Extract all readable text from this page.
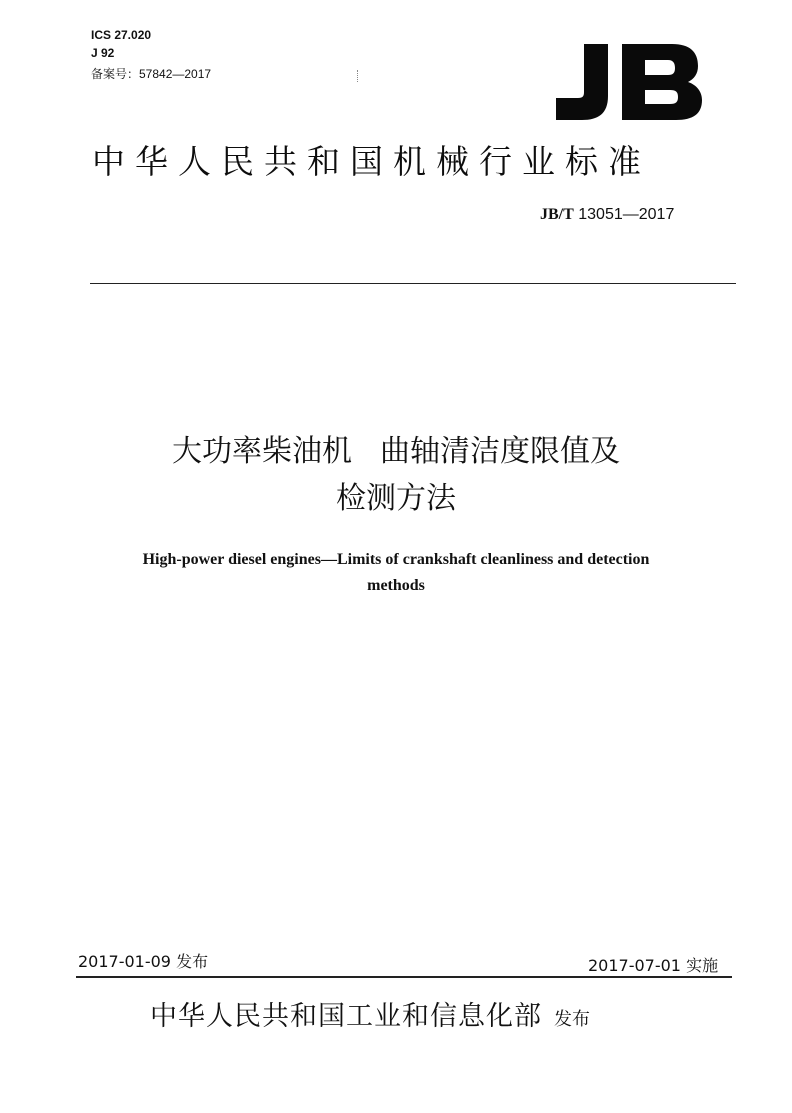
ICS 27.020
J 92
备案号：57842—2017
中华人民共和国机械行业标准
JB/T 13051—2017
大功率柴油机 曲轴清洁度限值及
检测方法
High-power diesel engines—Limits of crankshaft cleanliness and detection
methods
2017-01-09 发布	2017-07-01 实施
中华人民共和国工业和信息化部 发布
